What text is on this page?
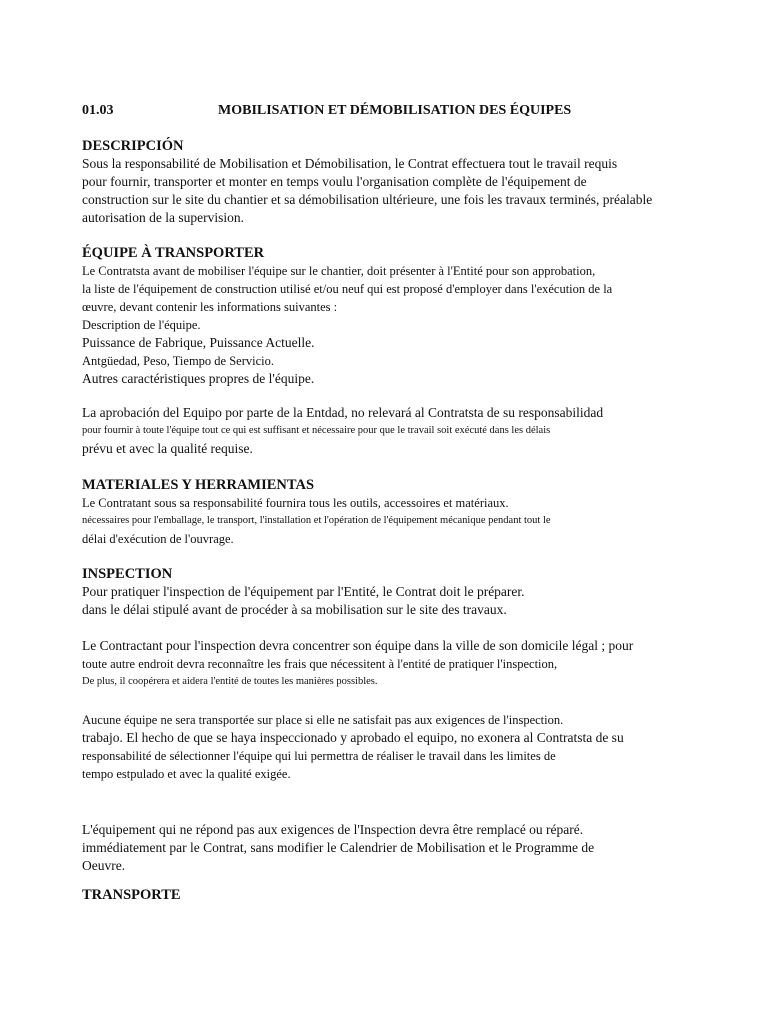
01.03	MOBILISATION ET DÉMOBILISATION DES ÉQUIPES
DESCRIPCIÓN
Sous la responsabilité de Mobilisation et Démobilisation, le Contrat effectuera tout le travail requis
pour fournir, transporter et monter en temps voulu l'organisation complète de l'équipement de
construction sur le site du chantier et sa démobilisation ultérieure, une fois les travaux terminés, préalable
autorisation de la supervision.
ÉQUIPE À TRANSPORTER
Le Contratsta avant de mobiliser l'équipe sur le chantier, doit présenter à l'Entité pour son approbation,
la liste de l'équipement de construction utilisé et/ou neuf qui est proposé d'employer dans l'exécution de la
œuvre, devant contenir les informations suivantes :
Description de l'équipe.
Puissance de Fabrique, Puissance Actuelle.
Antgüedad, Peso, Tiempo de Servicio.
Autres caractéristiques propres de l'équipe.
La aprobación del Equipo por parte de la Entdad, no relevará al Contratsta de su responsabilidad
pour fournir à toute l'équipe tout ce qui est suffisant et nécessaire pour que le travail soit exécuté dans les délais
prévu et avec la qualité requise.
MATERIALES Y HERRAMIENTAS
Le Contratant sous sa responsabilité fournira tous les outils, accessoires et matériaux.
nécessaires pour l'emballage, le transport, l'installation et l'opération de l'équipement mécanique pendant tout le
délai d'exécution de l'ouvrage.
INSPECTION
Pour pratiquer l'inspection de l'équipement par l'Entité, le Contrat doit le préparer.
dans le délai stipulé avant de procéder à sa mobilisation sur le site des travaux.
Le Contractant pour l'inspection devra concentrer son équipe dans la ville de son domicile légal ; pour
toute autre endroit devra reconnaître les frais que nécessitent à l'entité de pratiquer l'inspection,
De plus, il coopérera et aidera l'entité de toutes les manières possibles.
Aucune équipe ne sera transportée sur place si elle ne satisfait pas aux exigences de l'inspection.
trabajo. El hecho de que se haya inspeccionado y aprobado el equipo, no exonera al Contratsta de su
responsabilité de sélectionner l'équipe qui lui permettra de réaliser le travail dans les limites de
tempo estpulado et avec la qualité exigée.
L'équipement qui ne répond pas aux exigences de l'Inspection devra être remplacé ou réparé.
immédiatement par le Contrat, sans modifier le Calendrier de Mobilisation et le Programme de
Oeuvre.
TRANSPORTE
